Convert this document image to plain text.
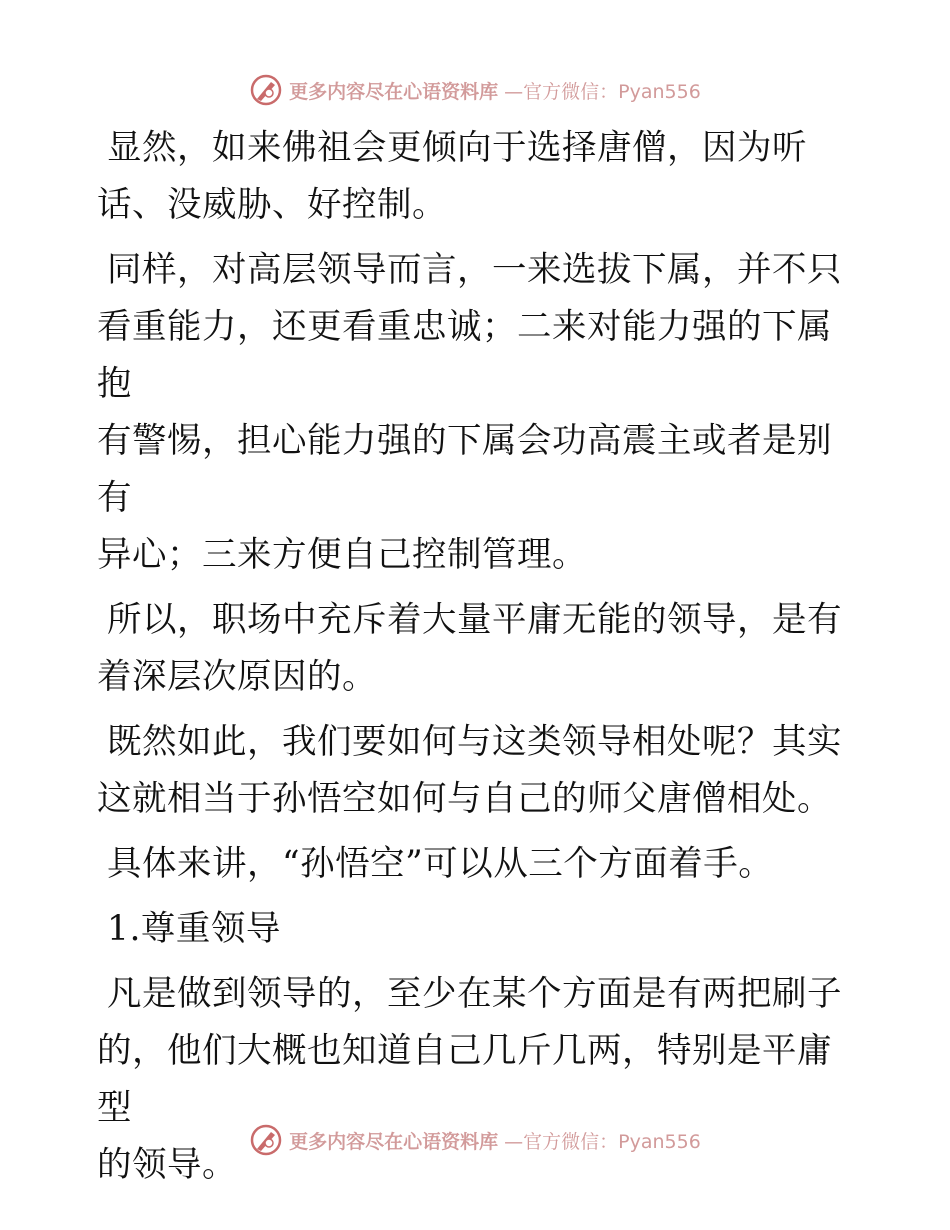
更多内容尽在心语资料库 —官方微信：Pyan556

显然，如来佛祖会更倾向于选择唐僧，因为听
话、没威胁、好控制。

同样，对高层领导而言，一来选拔下属，并不只
看重能力，还更看重忠诚；二来对能力强的下属抱
有警惕，担心能力强的下属会功高震主或者是别有
异心；三来方便自己控制管理。

所以，职场中充斥着大量平庸无能的领导，是有
着深层次原因的。

既然如此，我们要如何与这类领导相处呢？其实
这就相当于孙悟空如何与自己的师父唐僧相处。

具体来讲，“孙悟空”可以从三个方面着手。

1.尊重领导

凡是做到领导的，至少在某个方面是有两把刷子
的，他们大概也知道自己几斤几两，特别是平庸型
的领导。

更多内容尽在心语资料库 —官方微信：Pyan556
